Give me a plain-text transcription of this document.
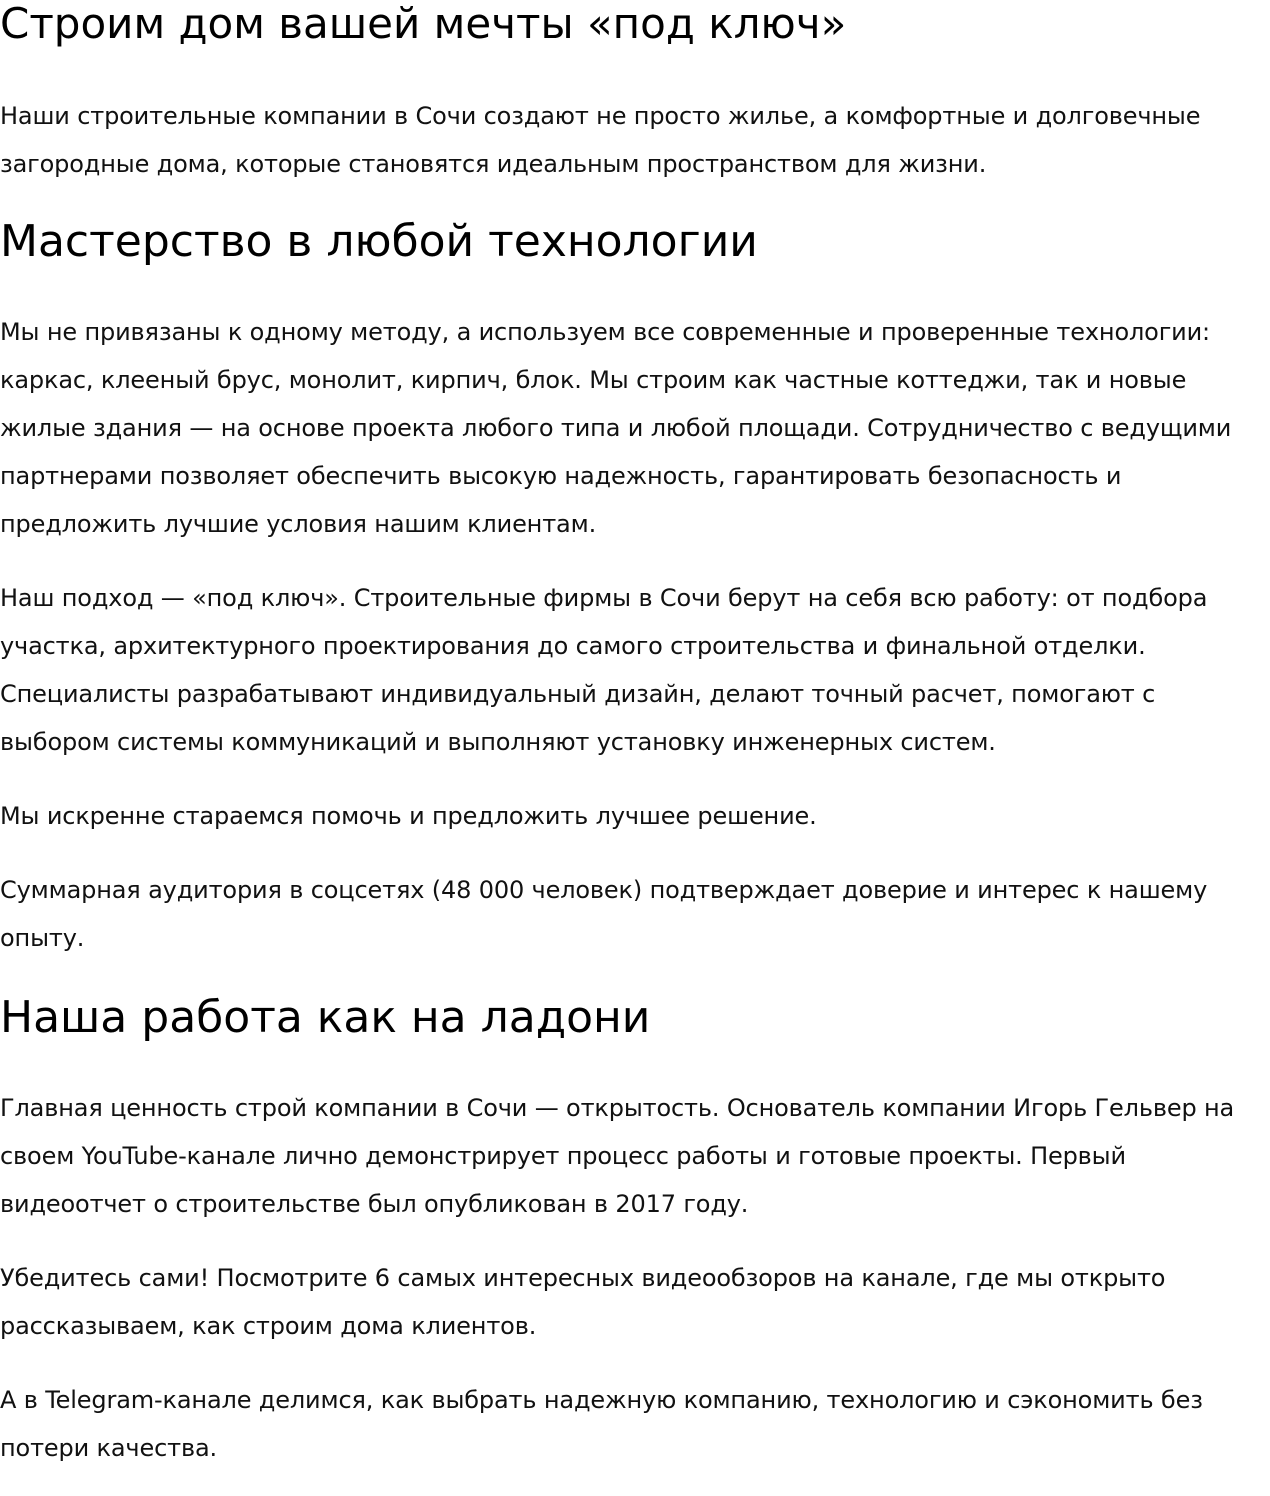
Строим дом вашей мечты «под ключ»

Наши строительные компании в Сочи создают не просто жилье, а комфортные и долговечные загородные дома, которые становятся идеальным пространством для жизни.

Мастерство в любой технологии

Мы не привязаны к одному методу, а используем все современные и проверенные технологии: каркас, клееный брус, монолит, кирпич, блок. Мы строим как частные коттеджи, так и новые жилые здания — на основе проекта любого типа и любой площади. Сотрудничество с ведущими партнерами позволяет обеспечить высокую надежность, гарантировать безопасность и предложить лучшие условия нашим клиентам.

Наш подход — «под ключ». Строительные фирмы в Сочи берут на себя всю работу: от подбора участка, архитектурного проектирования до самого строительства и финальной отделки. Специалисты разрабатывают индивидуальный дизайн, делают точный расчет, помогают с выбором системы коммуникаций и выполняют установку инженерных систем.

Мы искренне стараемся помочь и предложить лучшее решение.

Суммарная аудитория в соцсетях (48 000 человек) подтверждает доверие и интерес к нашему опыту.

Наша работа как на ладони

Главная ценность строй компании в Сочи — открытость. Основатель компании Игорь Гельвер на своем YouTube-канале лично демонстрирует процесс работы и готовые проекты. Первый видеоотчет о строительстве был опубликован в 2017 году.

Убедитесь сами! Посмотрите 6 самых интересных видеообзоров на канале, где мы открыто рассказываем, как строим дома клиентов.

А в Telegram-канале делимся, как выбрать надежную компанию, технологию и сэкономить без потери качества.
